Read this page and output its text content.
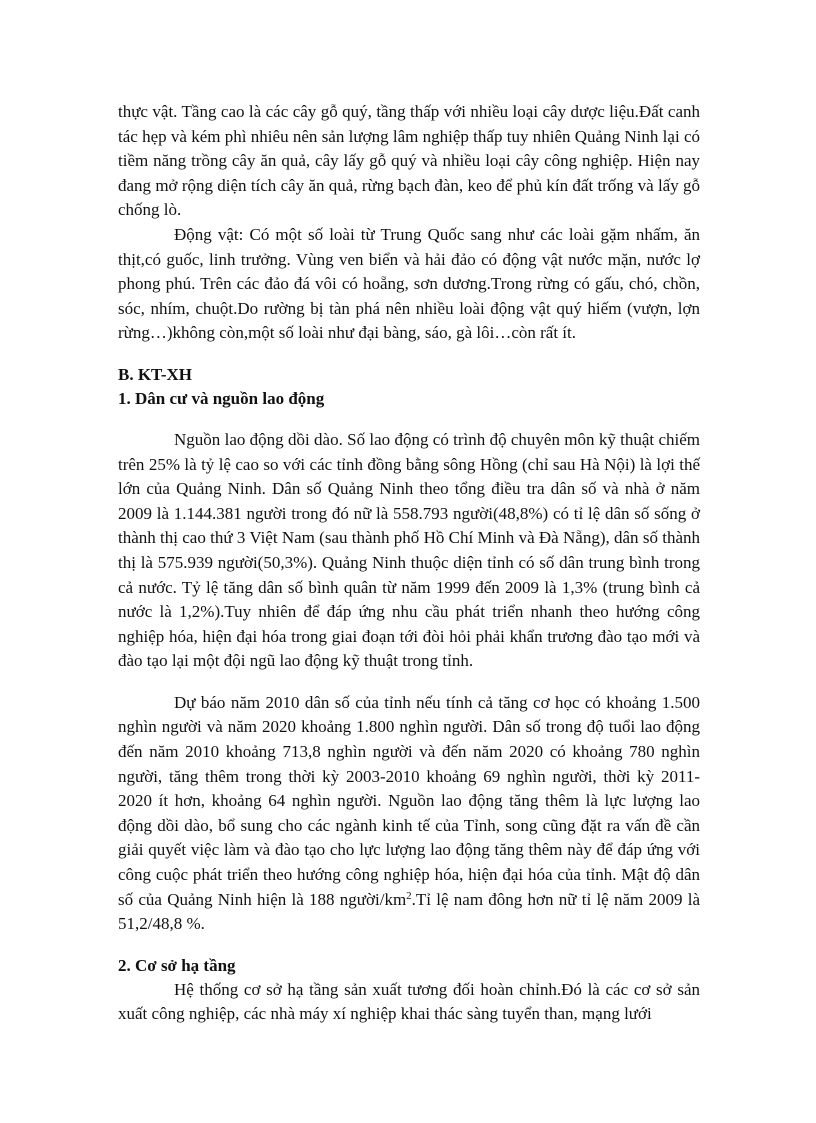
thực vật. Tầng cao là các cây gỗ quý, tầng thấp với nhiều loại cây dược liệu.Đất canh tác hẹp và kém phì nhiêu nên sản lượng lâm nghiệp thấp tuy nhiên Quảng Ninh lại có tiềm năng trồng cây ăn quả, cây lấy gỗ quý và nhiều loại cây công nghiệp. Hiện nay đang mở rộng diện tích cây ăn quả, rừng bạch đàn, keo để phủ kín đất trống và lấy gỗ chống lò.

Động vật: Có một số loài từ Trung Quốc sang như các loài gặm nhấm, ăn thịt,có guốc, linh trưởng. Vùng ven biển và hải đảo có động vật nước mặn, nước lợ phong phú. Trên các đảo đá vôi có hoẵng, sơn dương.Trong rừng có gấu, chó, chồn, sóc, nhím, chuột.Do rường bị tàn phá nên nhiều loài động vật quý hiếm (vượn, lợn rừng…)không còn,một số loài như đại bàng, sáo, gà lôi…còn rất ít.

B. KT-XH
1. Dân cư và nguồn lao động

Nguồn lao động dồi dào. Số lao động có trình độ chuyên môn kỹ thuật chiếm trên 25% là tỷ lệ cao so với các tỉnh đồng bằng sông Hồng (chỉ sau Hà Nội) là lợi thế lớn của Quảng Ninh. Dân số Quảng Ninh theo tổng điều tra dân số và nhà ở năm 2009 là 1.144.381 người trong đó nữ là 558.793 người(48,8%) có tỉ lệ dân số sống ở thành thị cao thứ 3 Việt Nam (sau thành phố Hồ Chí Minh và Đà Nẵng), dân số thành thị là 575.939 người(50,3%). Quảng Ninh thuộc diện tỉnh có số dân trung bình trong cả nước. Tỷ lệ tăng dân số bình quân từ năm 1999 đến 2009 là 1,3% (trung bình cả nước là 1,2%).Tuy nhiên để đáp ứng nhu cầu phát triển nhanh theo hướng công nghiệp hóa, hiện đại hóa trong giai đoạn tới đòi hỏi phải khẩn trương đào tạo mới và đào tạo lại một đội ngũ lao động kỹ thuật trong tỉnh.

Dự báo năm 2010 dân số của tỉnh nếu tính cả tăng cơ học có khoảng 1.500 nghìn người và năm 2020 khoảng 1.800 nghìn người. Dân số trong độ tuổi lao động đến năm 2010 khoảng 713,8 nghìn người và đến năm 2020 có khoảng 780 nghìn người, tăng thêm trong thời kỳ 2003-2010 khoảng 69 nghìn người, thời kỳ 2011-2020 ít hơn, khoảng 64 nghìn người. Nguồn lao động tăng thêm là lực lượng lao động dồi dào, bổ sung cho các ngành kinh tế của Tỉnh, song cũng đặt ra vấn đề cần giải quyết việc làm và đào tạo cho lực lượng lao động tăng thêm này để đáp ứng với công cuộc phát triển theo hướng công nghiệp hóa, hiện đại hóa của tỉnh. Mật độ dân số của Quảng Ninh hiện là 188 người/$km^2.Tỉ$ lệ nam đông hơn nữ tỉ lệ năm 2009 là 51,2/48,8 %.

2. Cơ sở hạ tầng

Hệ thống cơ sở hạ tầng sản xuất tương đối hoàn chỉnh.Đó là các cơ sở sản xuất công nghiệp, các nhà máy xí nghiệp khai thác sàng tuyển than, mạng lưới
